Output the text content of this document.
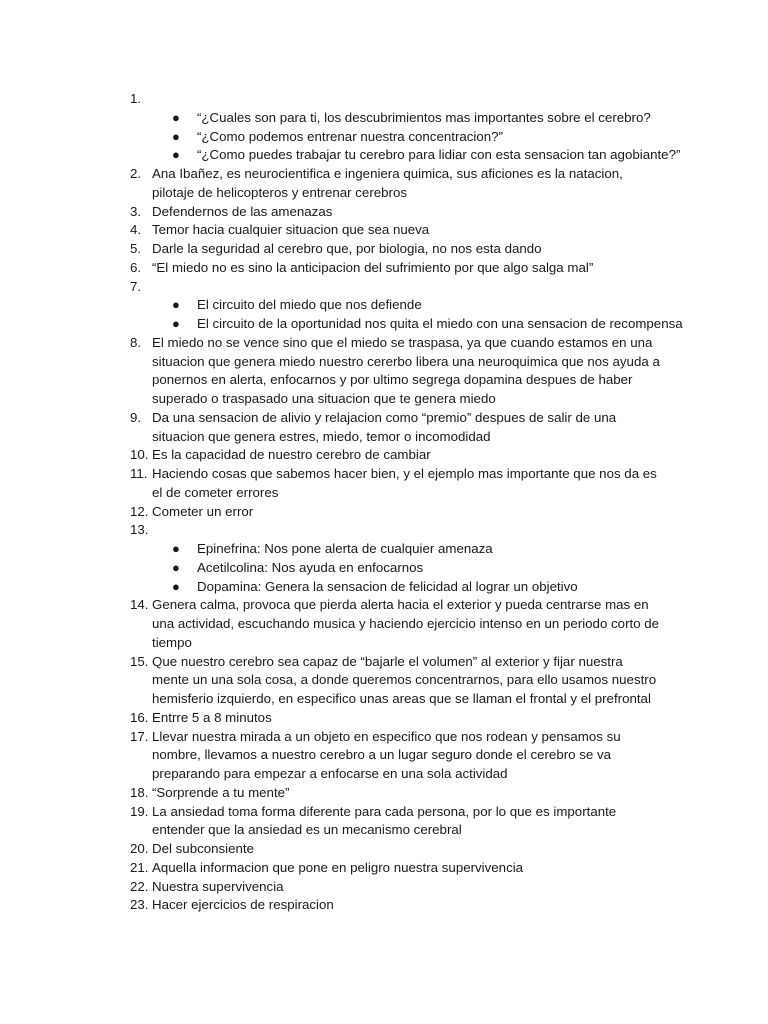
1.
● “¿Cuales son para ti, los descubrimientos mas importantes sobre el cerebro?
● “¿Como podemos entrenar nuestra concentracion?”
● “¿Como puedes trabajar tu cerebro para lidiar con esta sensacion tan agobiante?”
2. Ana Ibañez, es neurocientifica e ingeniera quimica, sus aficiones es la natacion, pilotaje de helicopteros y entrenar cerebros
3. Defendernos de las amenazas
4. Temor hacia cualquier situacion que sea nueva
5. Darle la seguridad al cerebro que, por biologia, no nos esta dando
6. “El miedo no es sino la anticipacion del sufrimiento por que algo salga mal”
7.
● El circuito del miedo que nos defiende
● El circuito de la oportunidad nos quita el miedo con una sensacion de recompensa
8. El miedo no se vence sino que el miedo se traspasa, ya que cuando estamos en una situacion que genera miedo nuestro cererbo libera una neuroquimica que nos ayuda a ponernos en alerta, enfocarnos y por ultimo segrega dopamina despues de haber superado o traspasado una situacion que te genera miedo
9. Da una sensacion de alivio y relajacion como “premio” despues de salir de una situacion que genera estres, miedo, temor o incomodidad
10. Es la capacidad de nuestro cerebro de cambiar
11. Haciendo cosas que sabemos hacer bien, y el ejemplo mas importante que nos da es el de cometer errores
12. Cometer un error
13.
● Epinefrina: Nos pone alerta de cualquier amenaza
● Acetilcolina: Nos ayuda en enfocarnos
● Dopamina: Genera la sensacion de felicidad al lograr un objetivo
14. Genera calma, provoca que pierda alerta hacia el exterior y pueda centrarse mas en una actividad, escuchando musica y haciendo ejercicio intenso en un periodo corto de tiempo
15. Que nuestro cerebro sea capaz de “bajarle el volumen” al exterior y fijar nuestra mente un una sola cosa, a donde queremos concentrarnos, para ello usamos nuestro hemisferio izquierdo, en especifico unas areas que se llaman el frontal y el prefrontal
16. Entrre 5 a 8 minutos
17. Llevar nuestra mirada a un objeto en especifico que nos rodean y pensamos su nombre, llevamos a nuestro cerebro a un lugar seguro donde el cerebro se va preparando para empezar a enfocarse en una sola actividad
18. “Sorprende a tu mente”
19. La ansiedad toma forma diferente para cada persona, por lo que es importante entender que la ansiedad es un mecanismo cerebral
20. Del subconsiente
21. Aquella informacion que pone en peligro nuestra supervivencia
22. Nuestra supervivencia
23. Hacer ejercicios de respiracion
